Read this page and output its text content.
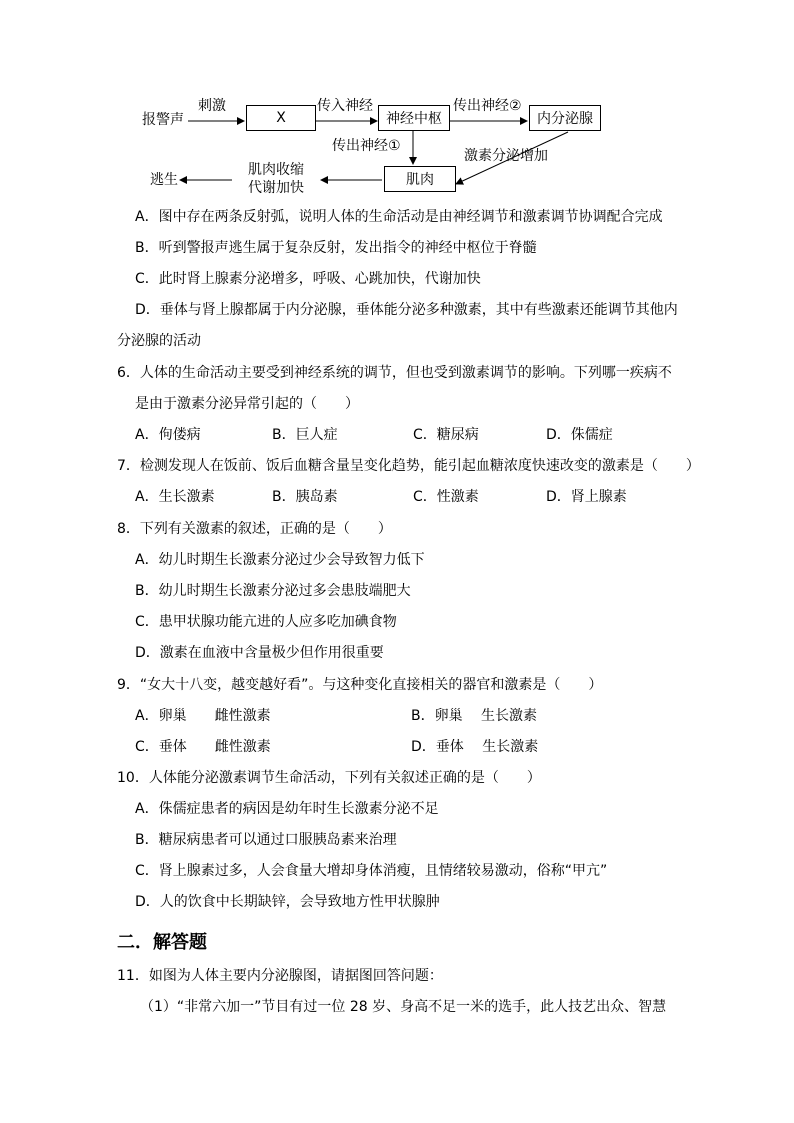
报警声
刺激
X
传入神经
神经中枢
传出神经②
内分泌腺
传出神经①
激素分泌增加
肌肉
肌肉收缩
代谢加快
逃生
A．图中存在两条反射弧，说明人体的生命活动是由神经调节和激素调节协调配合完成
B．听到警报声逃生属于复杂反射，发出指令的神经中枢位于脊髓
C．此时肾上腺素分泌增多，呼吸、心跳加快，代谢加快
D．垂体与肾上腺都属于内分泌腺，垂体能分泌多种激素，其中有些激素还能调节其他内
分泌腺的活动
6．人体的生命活动主要受到神经系统的调节，但也受到激素调节的影响。下列哪一疾病不
是由于激素分泌异常引起的（　　）
A．佝偻病	B．巨人症	C．糖尿病	D．侏儒症
7．检测发现人在饭前、饭后血糖含量呈变化趋势，能引起血糖浓度快速改变的激素是（　　）
A．生长激素	B．胰岛素	C．性激素	D．肾上腺素
8．下列有关激素的叙述，正确的是（　　）
A．幼儿时期生长激素分泌过少会导致智力低下
B．幼儿时期生长激素分泌过多会患肢端肥大
C．患甲状腺功能亢进的人应多吃加碘食物
D．激素在血液中含量极少但作用很重要
9．“女大十八变，越变越好看”。与这种变化直接相关的器官和激素是（　　）
A．卵巢　　雌性激素	B．卵巢　 生长激素
C．垂体　　雌性激素	D．垂体　 生长激素
10．人体能分泌激素调节生命活动，下列有关叙述正确的是（　　）
A．侏儒症患者的病因是幼年时生长激素分泌不足
B．糖尿病患者可以通过口服胰岛素来治理
C．肾上腺素过多，人会食量大增却身体消瘦，且情绪较易激动，俗称“甲亢”
D．人的饮食中长期缺锌，会导致地方性甲状腺肿
二．解答题
11．如图为人体主要内分泌腺图，请据图回答问题：
（1）“非常六加一”节目有过一位 28 岁、身高不足一米的选手，此人技艺出众、智慧
